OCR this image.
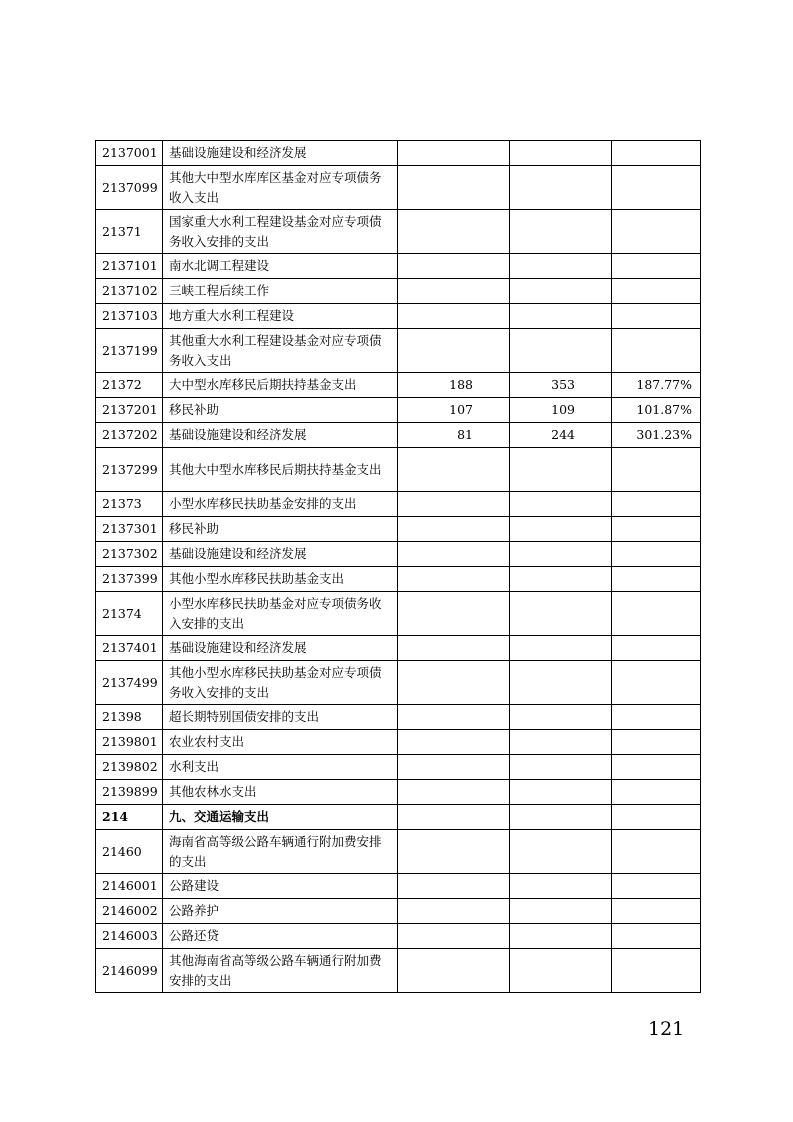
2137001	基础设施建设和经济发展			
2137099	其他大中型水库库区基金对应专项债务收入支出			
21371	国家重大水利工程建设基金对应专项债务收入安排的支出			
2137101	南水北调工程建设			
2137102	三峡工程后续工作			
2137103	地方重大水利工程建设			
2137199	其他重大水利工程建设基金对应专项债务收入支出			
21372	大中型水库移民后期扶持基金支出	188	353	187.77%
2137201	移民补助	107	109	101.87%
2137202	基础设施建设和经济发展	81	244	301.23%
2137299	其他大中型水库移民后期扶持基金支出			
21373	小型水库移民扶助基金安排的支出			
2137301	移民补助			
2137302	基础设施建设和经济发展			
2137399	其他小型水库移民扶助基金支出			
21374	小型水库移民扶助基金对应专项债务收入安排的支出			
2137401	基础设施建设和经济发展			
2137499	其他小型水库移民扶助基金对应专项债务收入安排的支出			
21398	超长期特别国债安排的支出			
2139801	农业农村支出			
2139802	水利支出			
2139899	其他农林水支出			
214	九、交通运输支出			
21460	海南省高等级公路车辆通行附加费安排的支出			
2146001	公路建设			
2146002	公路养护			
2146003	公路还贷			
2146099	其他海南省高等级公路车辆通行附加费安排的支出			
121
